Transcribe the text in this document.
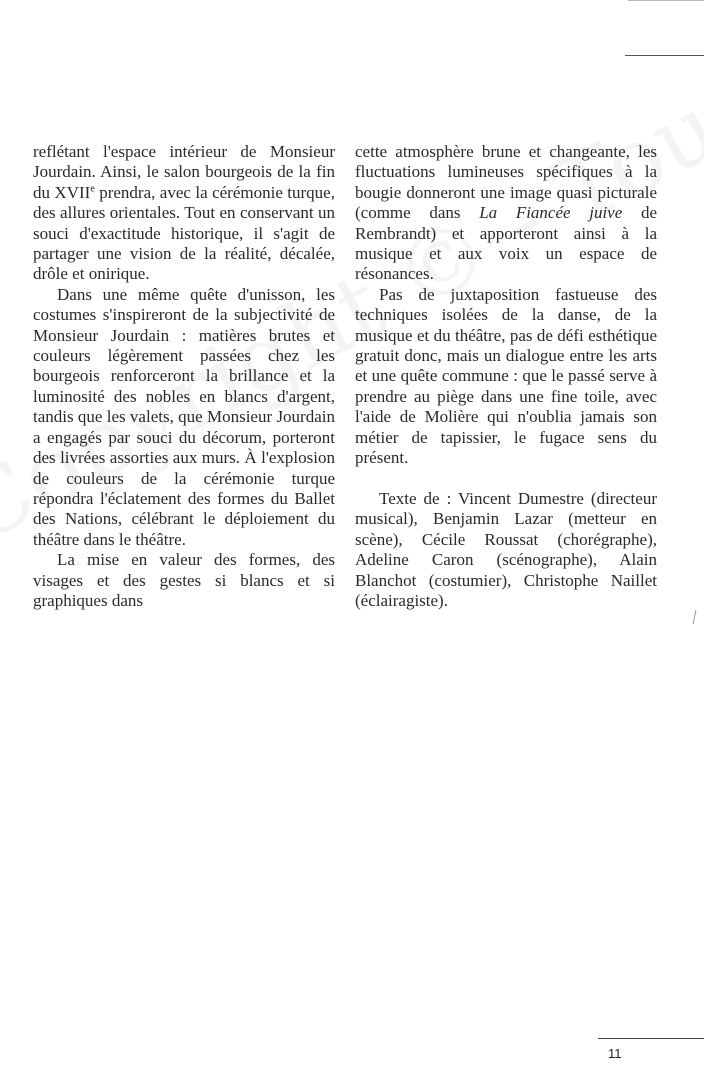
reflétant l'espace intérieur de Monsieur Jourdain. Ainsi, le salon bourgeois de la fin du XVIIe prendra, avec la cérémonie turque, des allures orientales. Tout en conservant un souci d'exactitude historique, il s'agit de partager une vision de la réalité, décalée, drôle et onirique.

Dans une même quête d'unisson, les costumes s'inspireront de la subjectivité de Monsieur Jourdain : matières brutes et couleurs légèrement passées chez les bourgeois renforceront la brillance et la luminosité des nobles en blancs d'argent, tandis que les valets, que Monsieur Jourdain a engagés par souci du décorum, porteront des livrées assorties aux murs. À l'explosion de couleurs de la cérémonie turque répondra l'éclatement des formes du Ballet des Nations, célébrant le déploiement du théâtre dans le théâtre.

La mise en valeur des formes, des visages et des gestes si blancs et si graphiques dans

cette atmosphère brune et changeante, les fluctuations lumineuses spécifiques à la bougie donneront une image quasi picturale (comme dans La Fiancée juive de Rembrandt) et apporteront ainsi à la musique et aux voix un espace de résonances.

Pas de juxtaposition fastueuse des techniques isolées de la danse, de la musique et du théâtre, pas de défi esthétique gratuit donc, mais un dialogue entre les arts et une quête commune : que le passé serve à prendre au piège dans une fine toile, avec l'aide de Molière qui n'oublia jamais son métier de tapissier, le fugace sens du présent.

Texte de : Vincent Dumestre (directeur musical), Benjamin Lazar (metteur en scène), Cécile Roussat (chorégraphe), Adeline Caron (scénographe), Alain Blanchot (costumier), Christophe Naillet (éclairagiste).

11
